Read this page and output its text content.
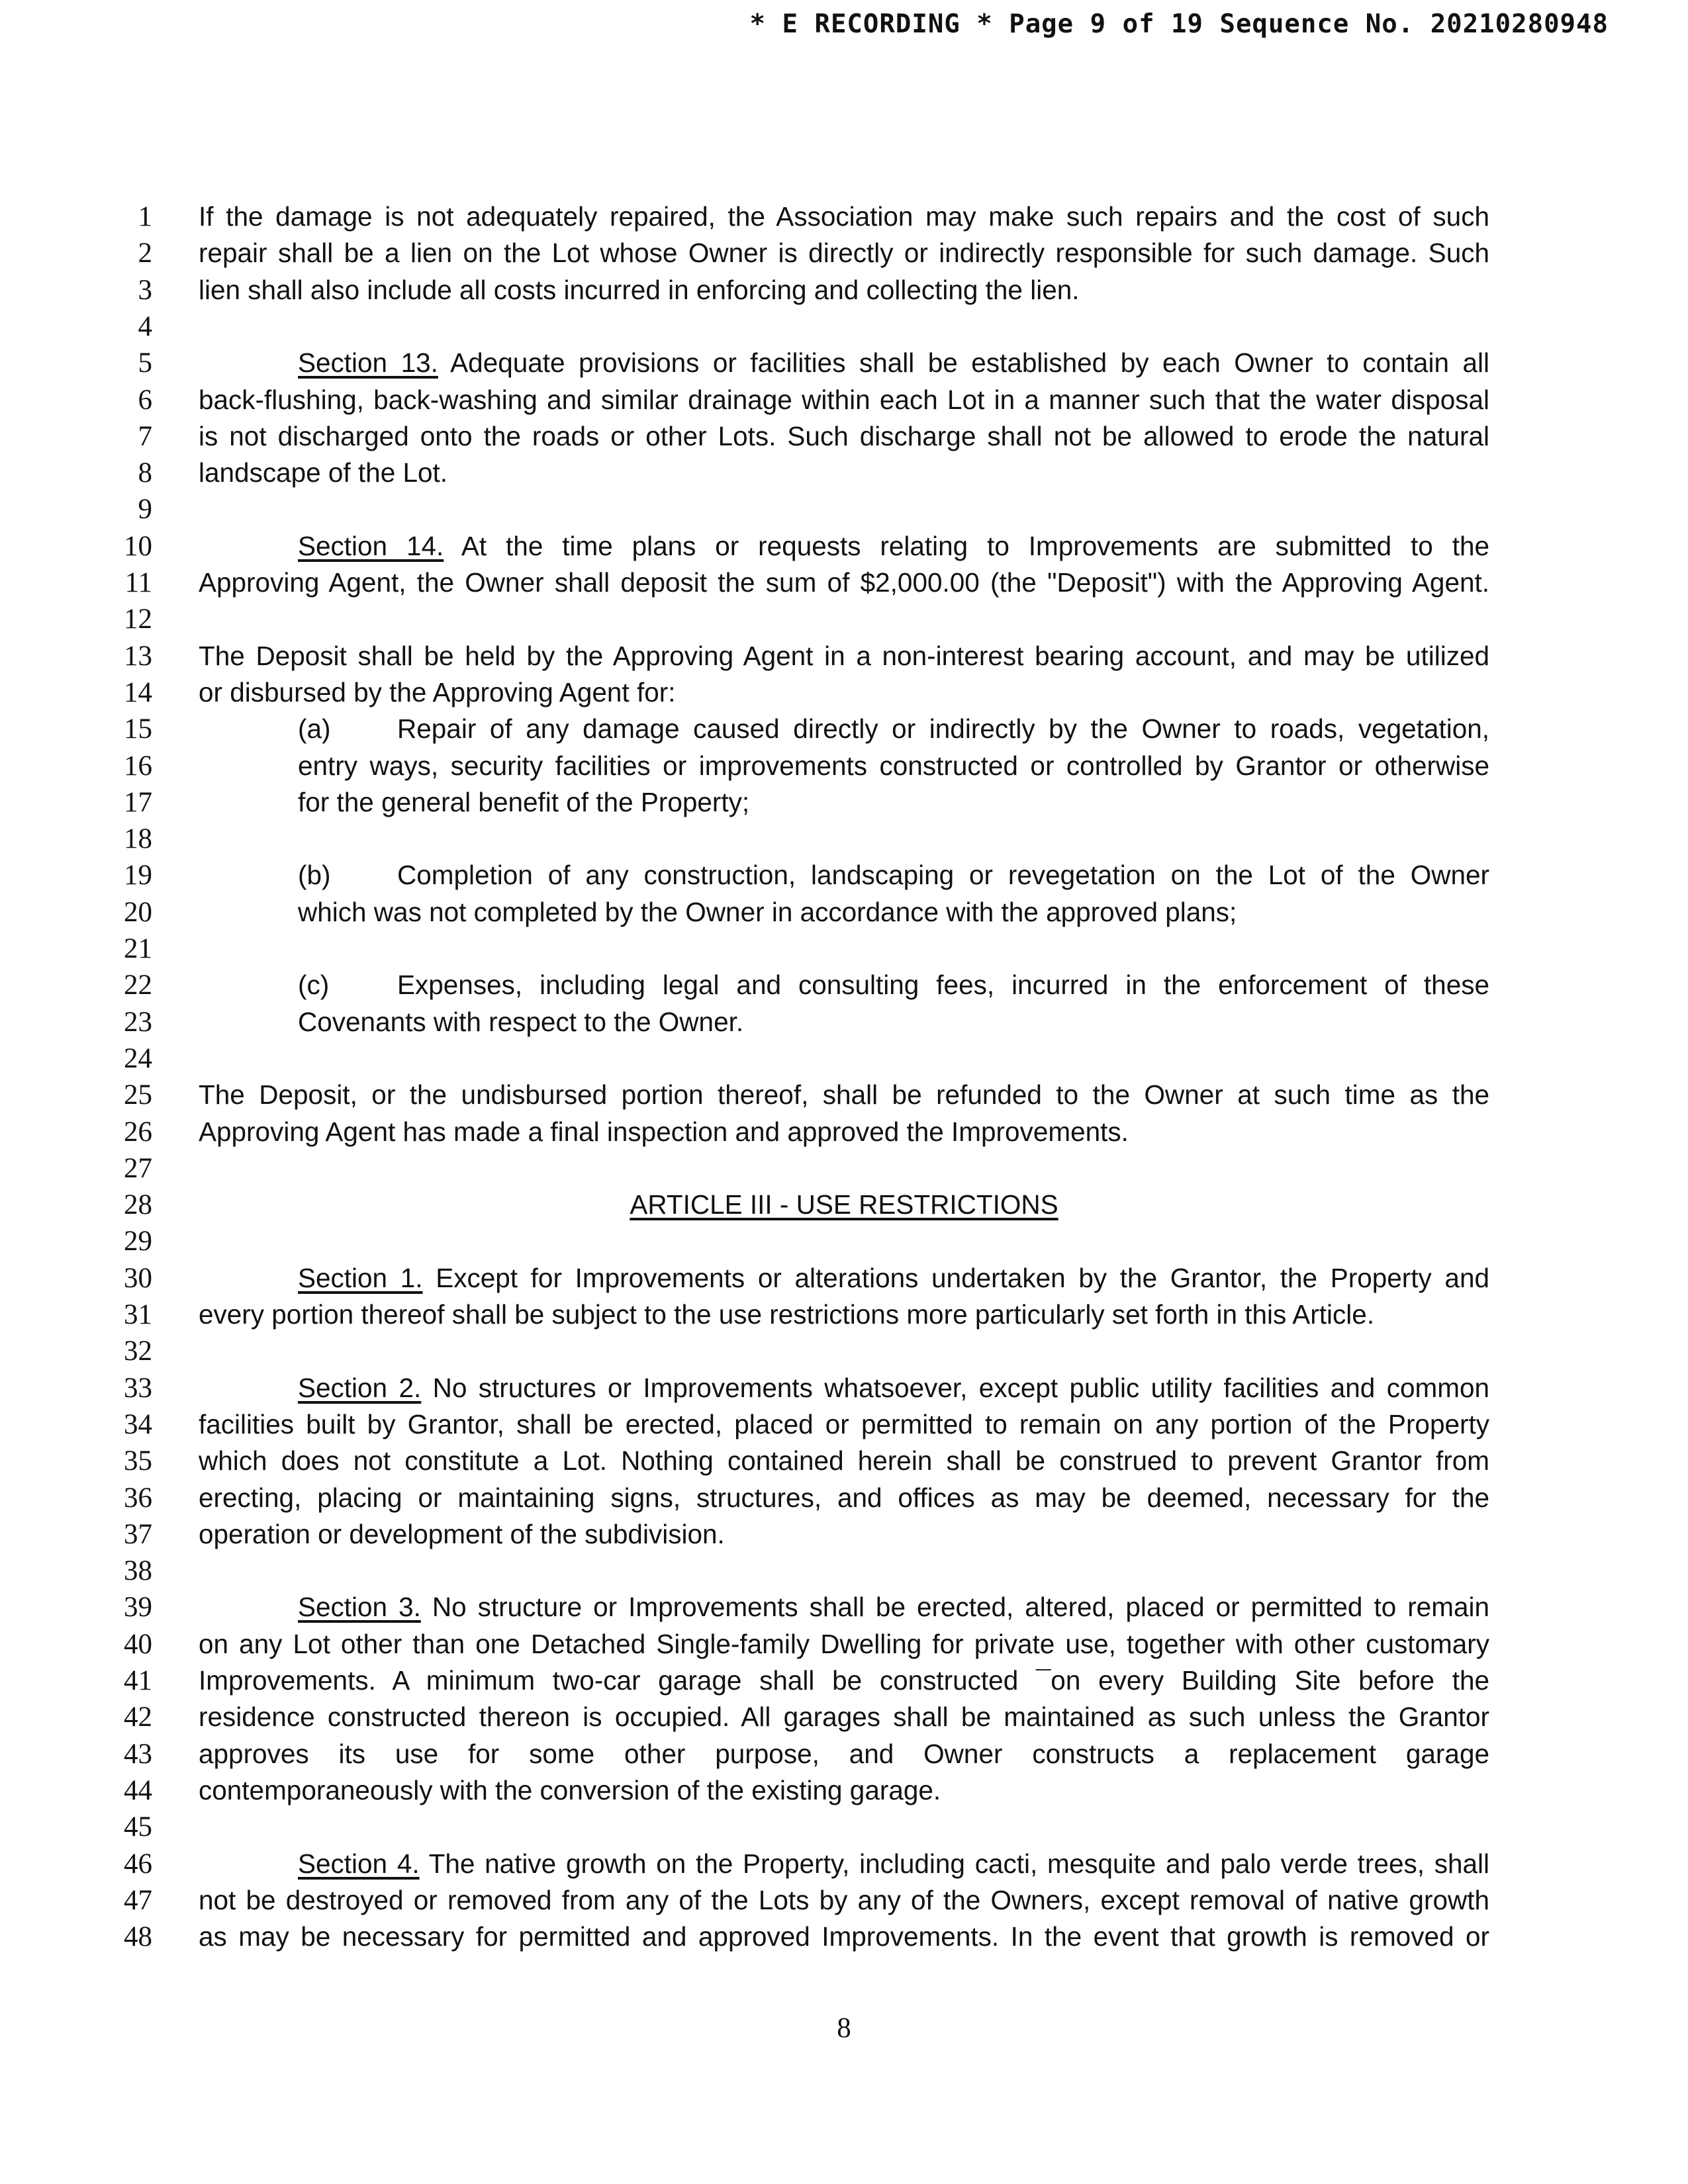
* E RECORDING * Page 9 of 19 Sequence No. 20210280948
1 If the damage is not adequately repaired, the Association may make such repairs and the cost of such
2 repair shall be a lien on the Lot whose Owner is directly or indirectly responsible for such damage. Such
3 lien shall also include all costs incurred in enforcing and collecting the lien.
4
5	Section 13. Adequate provisions or facilities shall be established by each Owner to contain all
6 back-flushing, back-washing and similar drainage within each Lot in a manner such that the water disposal
7 is not discharged onto the roads or other Lots. Such discharge shall not be allowed to erode the natural
8 landscape of the Lot.
9
10	Section 14. At the time plans or requests relating to Improvements are submitted to the
11 Approving Agent, the Owner shall deposit the sum of $2,000.00 (the "Deposit") with the Approving Agent.
12
13 The Deposit shall be held by the Approving Agent in a non-interest bearing account, and may be utilized
14 or disbursed by the Approving Agent for:
15	(a) Repair of any damage caused directly or indirectly by the Owner to roads, vegetation,
16	entry ways, security facilities or improvements constructed or controlled by Grantor or otherwise
17	for the general benefit of the Property;
18
19	(b) Completion of any construction, landscaping or revegetation on the Lot of the Owner
20	which was not completed by the Owner in accordance with the approved plans;
21
22	(c)	Expenses, including legal and consulting fees, incurred in the enforcement of these
23	Covenants with respect to the Owner.
24
25 The Deposit, or the undisbursed portion thereof, shall be refunded to the Owner at such time as the
26 Approving Agent has made a final inspection and approved the Improvements.
27
28	ARTICLE III - USE RESTRICTIONS
29
30	Section 1. Except for Improvements or alterations undertaken by the Grantor, the Property and
31 every portion thereof shall be subject to the use restrictions more particularly set forth in this Article.
32
33	Section 2. No structures or Improvements whatsoever, except public utility facilities and common
34 facilities built by Grantor, shall be erected, placed or permitted to remain on any portion of the Property
35 which does not constitute a Lot. Nothing contained herein shall be construed to prevent Grantor from
36 erecting, placing or maintaining signs, structures, and offices as may be deemed, necessary for the
37 operation or development of the subdivision.
38
39	Section 3. No structure or Improvements shall be erected, altered, placed or permitted to remain
40 on any Lot other than one Detached Single-family Dwelling for private use, together with other customary
41 Improvements. A minimum two-car garage shall be constructed ¯on every Building Site before the
42 residence constructed thereon is occupied. All garages shall be maintained as such unless the Grantor
43 approves its use for some other purpose, and Owner constructs a replacement garage
44 contemporaneously with the conversion of the existing garage.
45
46	Section 4. The native growth on the Property, including cacti, mesquite and palo verde trees, shall
47 not be destroyed or removed from any of the Lots by any of the Owners, except removal of native growth
48 as may be necessary for permitted and approved Improvements. In the event that growth is removed or
8
